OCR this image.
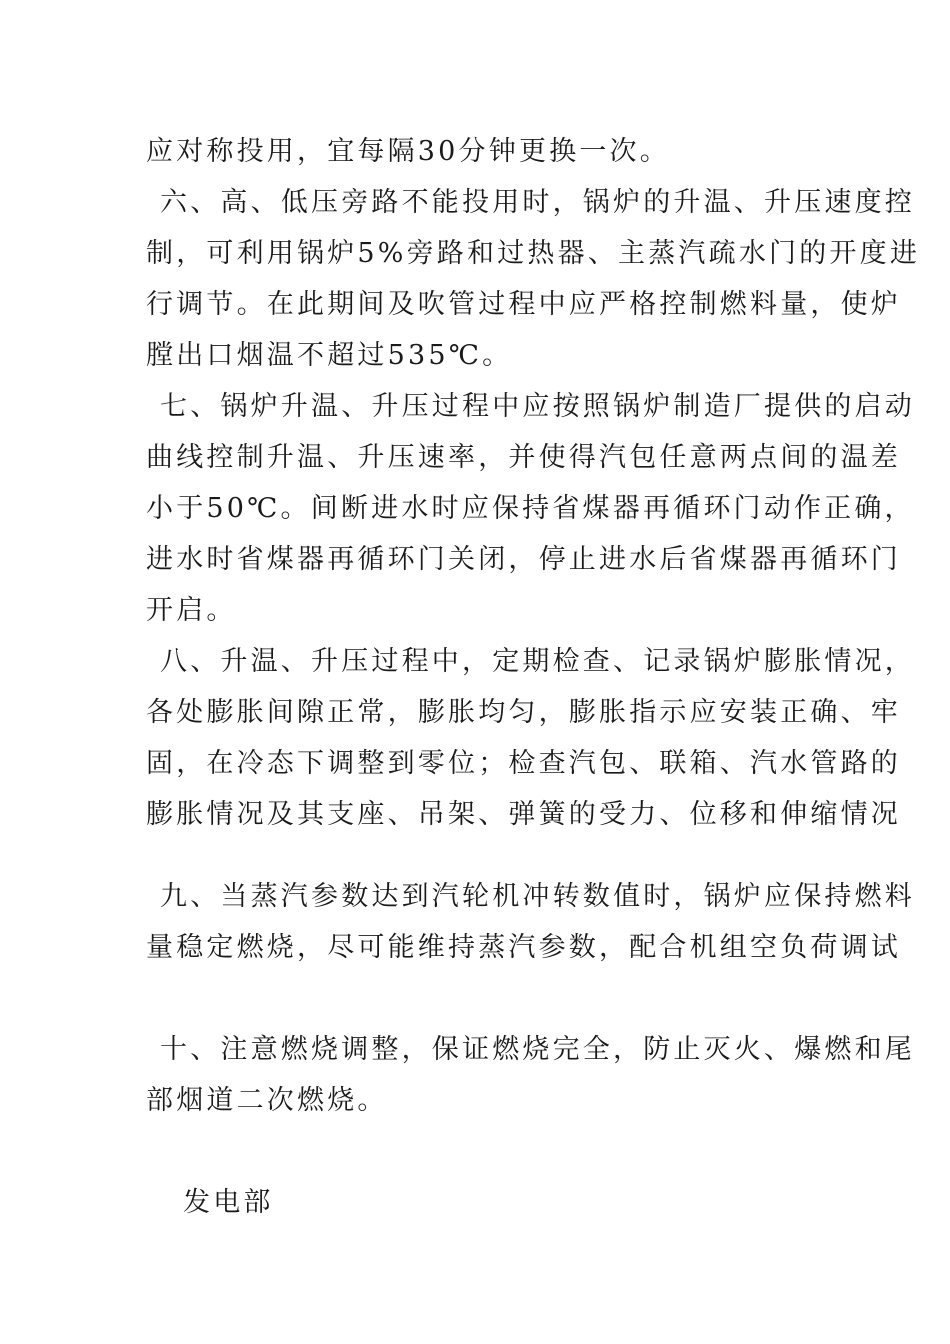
应对称投用，宜每隔30分钟更换一次。
六、高、低压旁路不能投用时，锅炉的升温、升压速度控
制，可利用锅炉5%旁路和过热器、主蒸汽疏水门的开度进
行调节。在此期间及吹管过程中应严格控制燃料量，使炉
膛出口烟温不超过535℃。
七、锅炉升温、升压过程中应按照锅炉制造厂提供的启动
曲线控制升温、升压速率，并使得汽包任意两点间的温差
小于50℃。间断进水时应保持省煤器再循环门动作正确，
进水时省煤器再循环门关闭，停止进水后省煤器再循环门
开启。
八、升温、升压过程中，定期检查、记录锅炉膨胀情况，
各处膨胀间隙正常，膨胀均匀，膨胀指示应安装正确、牢
固，在冷态下调整到零位；检查汽包、联箱、汽水管路的
膨胀情况及其支座、吊架、弹簧的受力、位移和伸缩情况
九、当蒸汽参数达到汽轮机冲转数值时，锅炉应保持燃料
量稳定燃烧，尽可能维持蒸汽参数，配合机组空负荷调试
十、注意燃烧调整，保证燃烧完全，防止灭火、爆燃和尾
部烟道二次燃烧。
发电部
